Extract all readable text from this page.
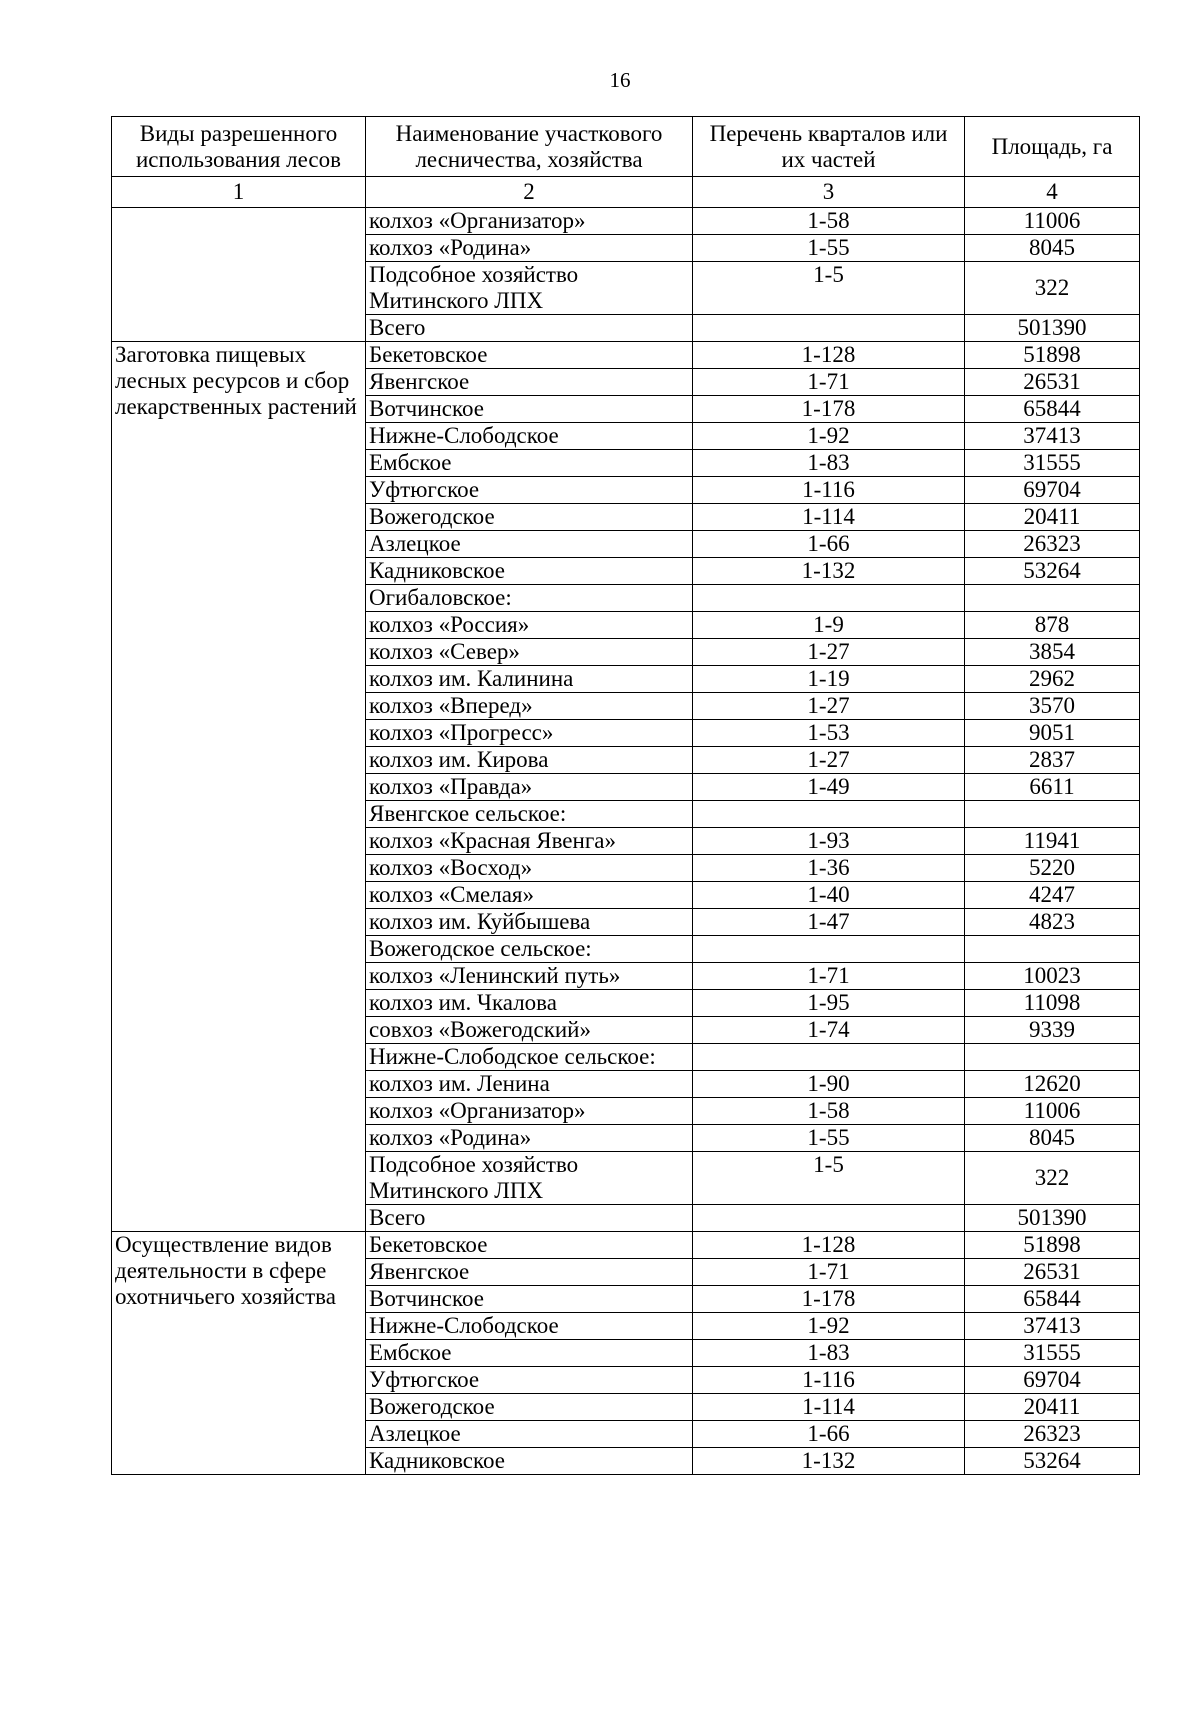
16
Виды разрешенного использования лесов	Наименование участкового лесничества, хозяйства	Перечень кварталов или их частей	Площадь, га
1	2	3	4

	колхоз «Организатор»	1-58	11006
	колхоз «Родина»	1-55	8045
	Подсобное хозяйство Митинского ЛПХ	1-5	322
	Всего		501390

Заготовка пищевых лесных ресурсов и сбор лекарственных растений	Бекетовское	1-128	51898
	Явенгское	1-71	26531
	Вотчинское	1-178	65844
	Нижне-Слободское	1-92	37413
	Ембское	1-83	31555
	Уфтюгское	1-116	69704
	Вожегодское	1-114	20411
	Азлецкое	1-66	26323
	Кадниковское	1-132	53264
	Огибаловское:		
	колхоз «Россия»	1-9	878
	колхоз «Север»	1-27	3854
	колхоз им. Калинина	1-19	2962
	колхоз «Вперед»	1-27	3570
	колхоз «Прогресс»	1-53	9051
	колхоз им. Кирова	1-27	2837
	колхоз «Правда»	1-49	6611
	Явенгское сельское:		
	колхоз «Красная Явенга»	1-93	11941
	колхоз «Восход»	1-36	5220
	колхоз «Смелая»	1-40	4247
	колхоз им. Куйбышева	1-47	4823
	Вожегодское сельское:		
	колхоз «Ленинский путь»	1-71	10023
	колхоз им. Чкалова	1-95	11098
	совхоз «Вожегодский»	1-74	9339
	Нижне-Слободское сельское:		
	колхоз им. Ленина	1-90	12620
	колхоз «Организатор»	1-58	11006
	колхоз «Родина»	1-55	8045
	Подсобное хозяйство Митинского ЛПХ	1-5	322
	Всего		501390

Осуществление видов деятельности в сфере охотничьего хозяйства	Бекетовское	1-128	51898
	Явенгское	1-71	26531
	Вотчинское	1-178	65844
	Нижне-Слободское	1-92	37413
	Ембское	1-83	31555
	Уфтюгское	1-116	69704
	Вожегодское	1-114	20411
	Азлецкое	1-66	26323
	Кадниковское	1-132	53264
